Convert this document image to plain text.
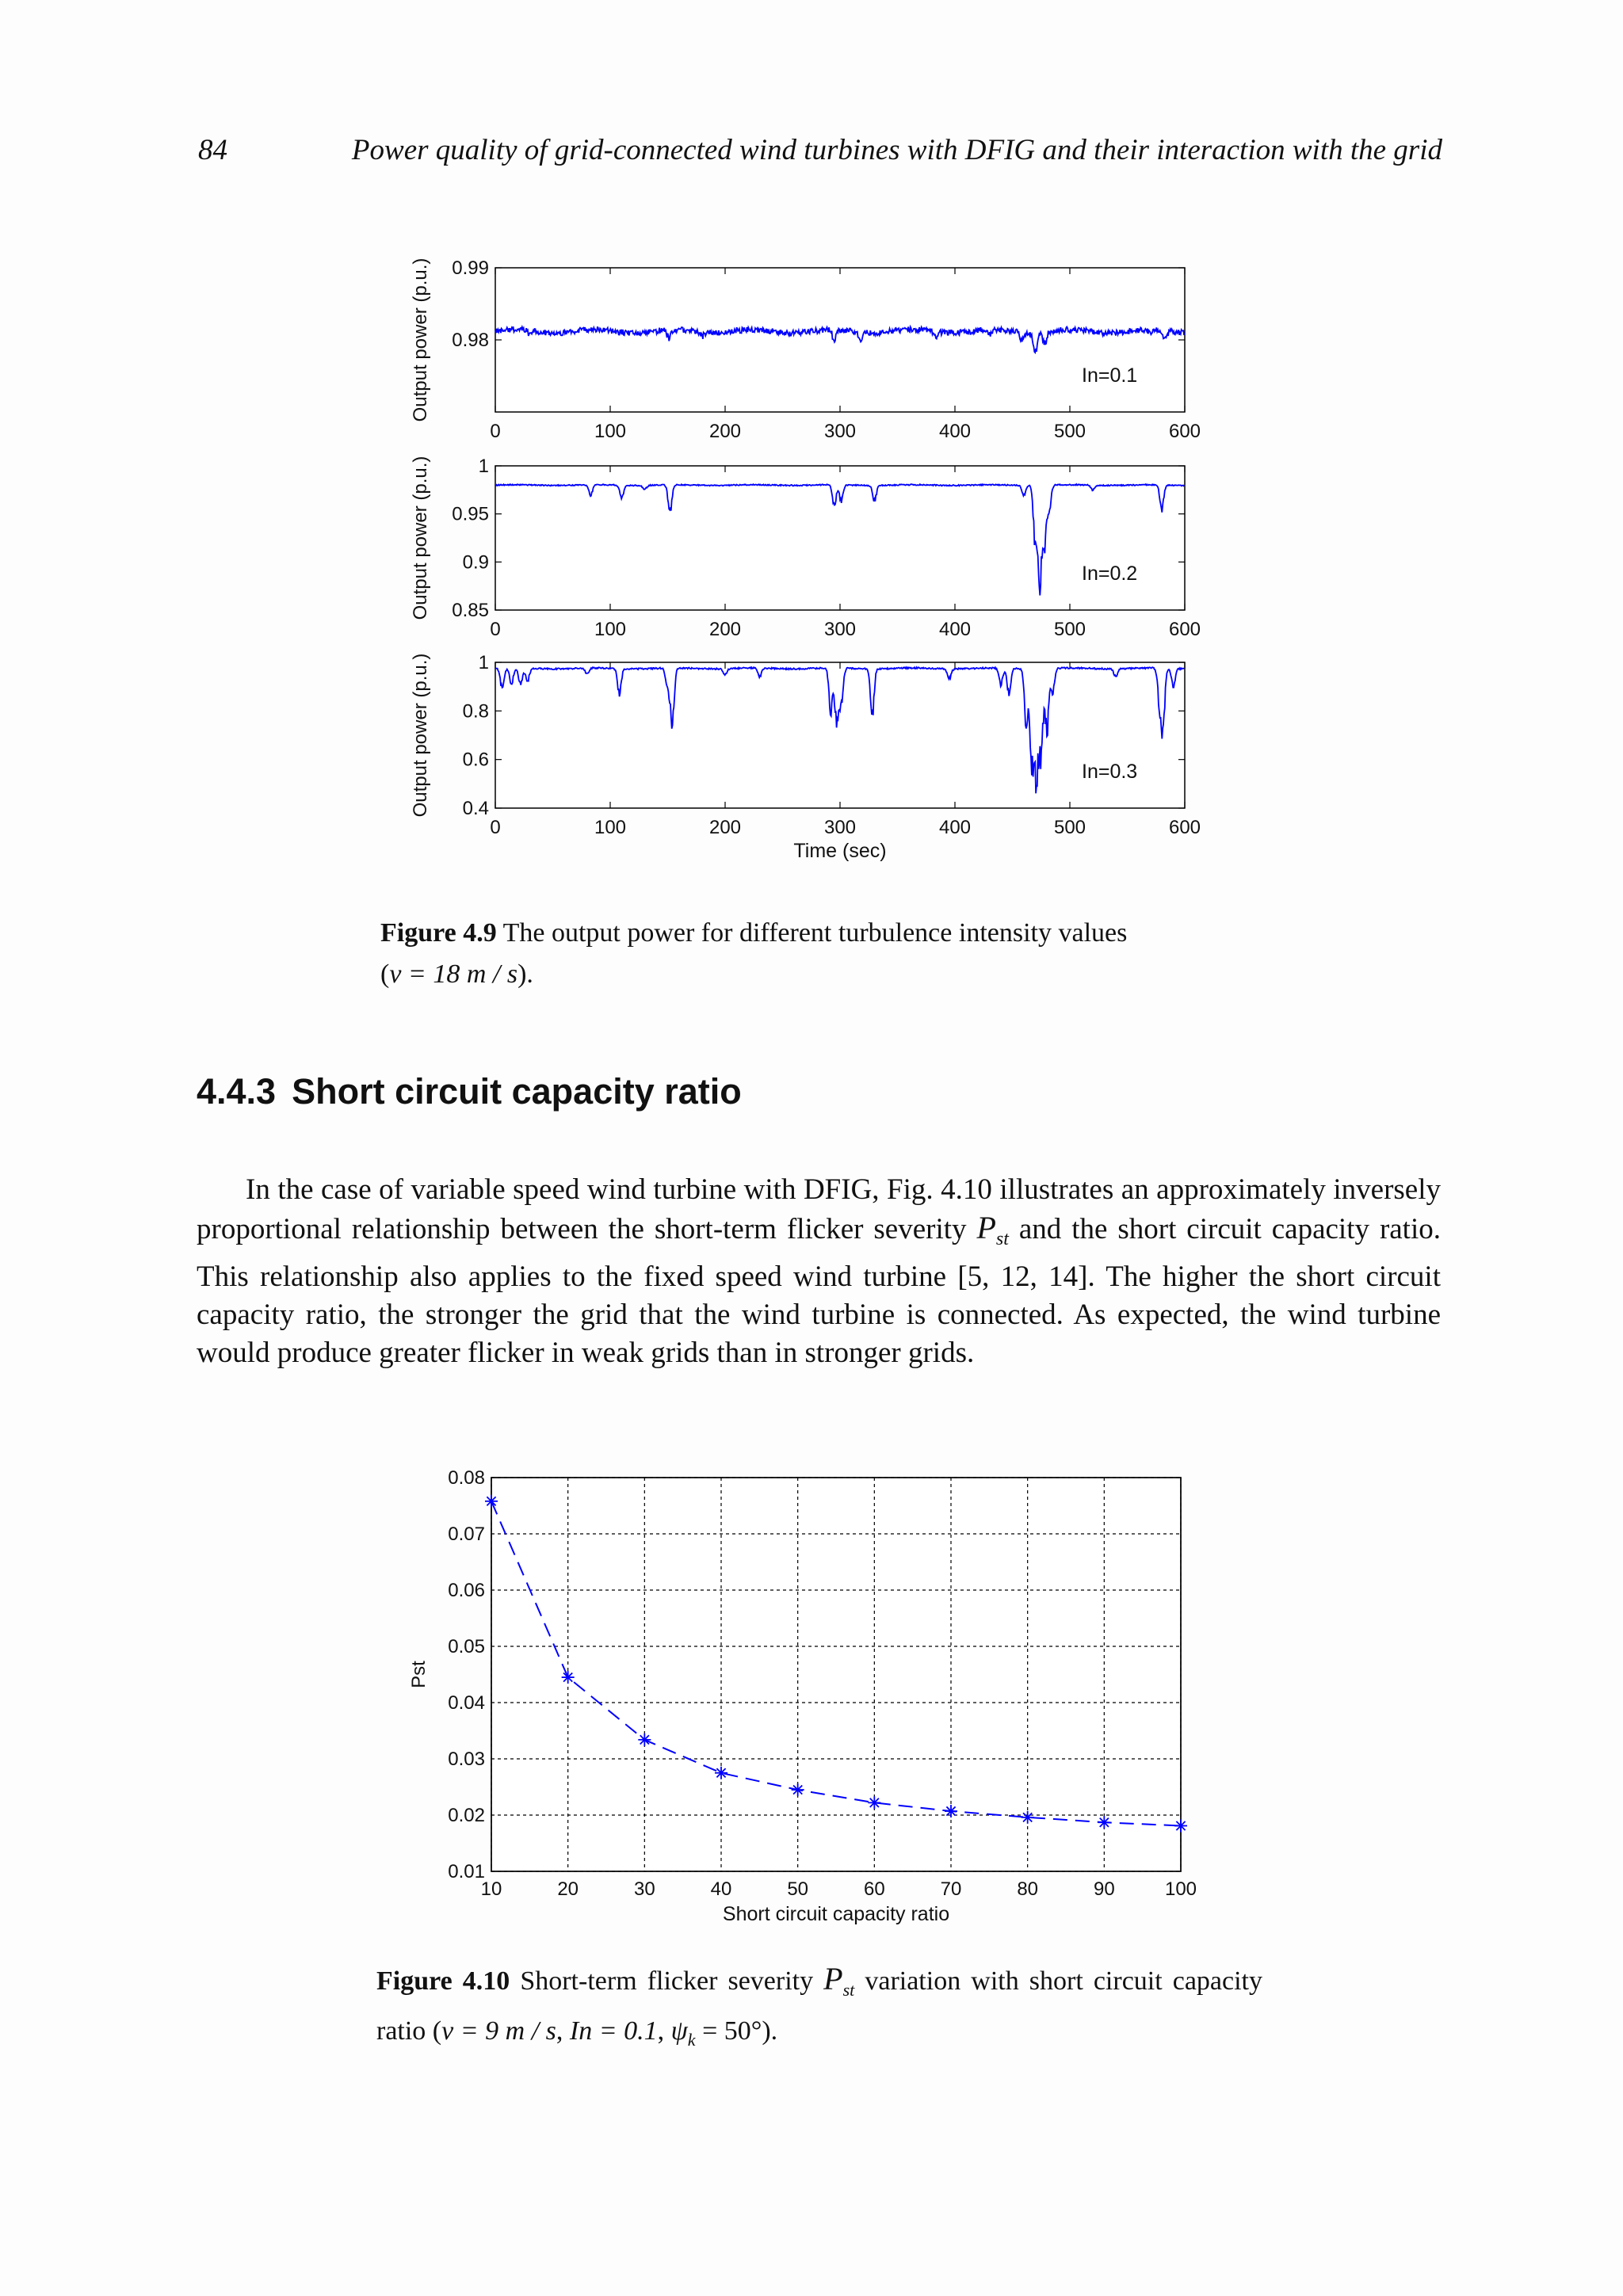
84	Power quality of grid-connected wind turbines with DFIG and their interaction with the grid
0	100	200	300	400	500	600
0.98
0.99
Output power (p.u.)	In=0.1
0	100	200	300	400	500	600
0.85
0.9
0.95
1
Output power (p.u.)	In=0.2
0	100	200	300	400	500	600
0.4
0.6
0.8
1
Output power (p.u.)	In=0.3
Time (sec)
Figure 4.9 The output power for different turbulence intensity values
(v = 18 m / s).
4.4.3 Short circuit capacity ratio

In the case of variable speed wind turbine with DFIG, Fig. 4.10 illustrates an approximately inversely proportional relationship between the short-term flicker severity $P_{st}$ and the short circuit capacity ratio. This relationship also applies to the fixed speed wind turbine [5, 12, 14]. The higher the short circuit capacity ratio, the stronger the grid that the wind turbine is connected. As expected, the wind turbine would produce greater flicker in weak grids than in stronger grids.

10	20	30	40	50	60	70	80	90	100
0.01
0.02
0.03
0.04
0.05
0.06
0.07
0.08
Short circuit capacity ratio
Pst
Figure 4.10 Short-term flicker severity $P_{st}$ variation with short circuit capacity ratio (v = 9 m / s, In = 0.1, $\psi_k = 50^\circ$).
